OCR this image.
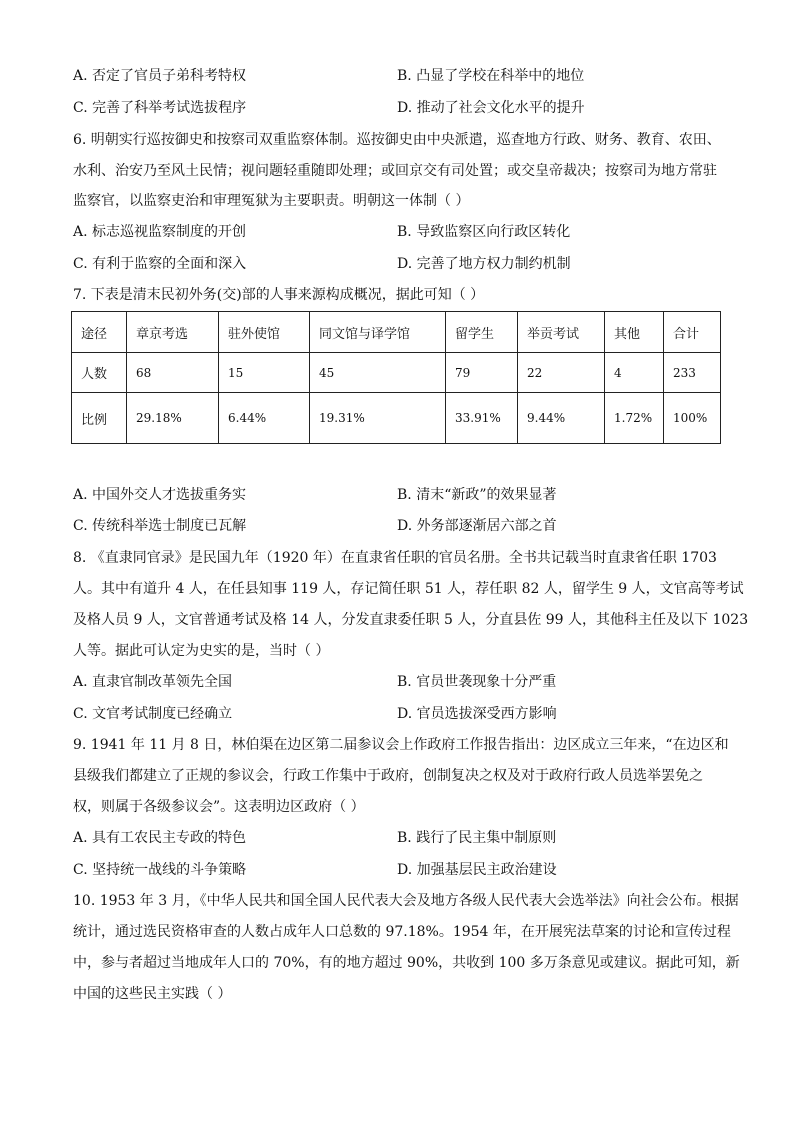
A. 否定了官员子弟科考特权	B. 凸显了学校在科举中的地位
C. 完善了科举考试选拔程序	D. 推动了社会文化水平的提升
6. 明朝实行巡按御史和按察司双重监察体制。巡按御史由中央派遣，巡查地方行政、财务、教育、农田、
水利、治安乃至风土民情；视问题轻重随即处理；或回京交有司处置；或交皇帝裁决；按察司为地方常驻
监察官，以监察吏治和审理冤狱为主要职责。明朝这一体制（ ）
A. 标志巡视监察制度的开创	B. 导致监察区向行政区转化
C. 有利于监察的全面和深入	D. 完善了地方权力制约机制
7. 下表是清末民初外务(交)部的人事来源构成概况，据此可知（ ）
途径	章京考选	驻外使馆	同文馆与译学馆	留学生	举贡考试	其他	合计
人数	68	15	45	79	22	4	233
比例	29.18%	6.44%	19.31%	33.91%	9.44%	1.72%	100%
A. 中国外交人才选拔重务实	B. 清末“新政”的效果显著
C. 传统科举选士制度已瓦解	D. 外务部逐渐居六部之首
8. 《直隶同官录》是民国九年（1920 年）在直隶省任职的官员名册。全书共记载当时直隶省任职 1703
人。其中有道升 4 人，在任县知事 119 人，存记简任职 51 人，荐任职 82 人，留学生 9 人，文官高等考试
及格人员 9 人，文官普通考试及格 14 人，分发直隶委任职 5 人，分直县佐 99 人，其他科主任及以下 1023
人等。据此可认定为史实的是，当时（ ）
A. 直隶官制改革领先全国	B. 官员世袭现象十分严重
C. 文官考试制度已经确立	D. 官员选拔深受西方影响
9. 1941 年 11 月 8 日，林伯渠在边区第二届参议会上作政府工作报告指出：边区成立三年来，“在边区和
县级我们都建立了正规的参议会，行政工作集中于政府，创制复决之权及对于政府行政人员选举罢免之
权，则属于各级参议会”。这表明边区政府（ ）
A. 具有工农民主专政的特色	B. 践行了民主集中制原则
C. 坚持统一战线的斗争策略	D. 加强基层民主政治建设
10. 1953 年 3 月，《中华人民共和国全国人民代表大会及地方各级人民代表大会选举法》向社会公布。根据
统计，通过选民资格审查的人数占成年人口总数的 97.18%。1954 年，在开展宪法草案的讨论和宣传过程
中，参与者超过当地成年人口的 70%，有的地方超过 90%，共收到 100 多万条意见或建议。据此可知，新
中国的这些民主实践（ ）
